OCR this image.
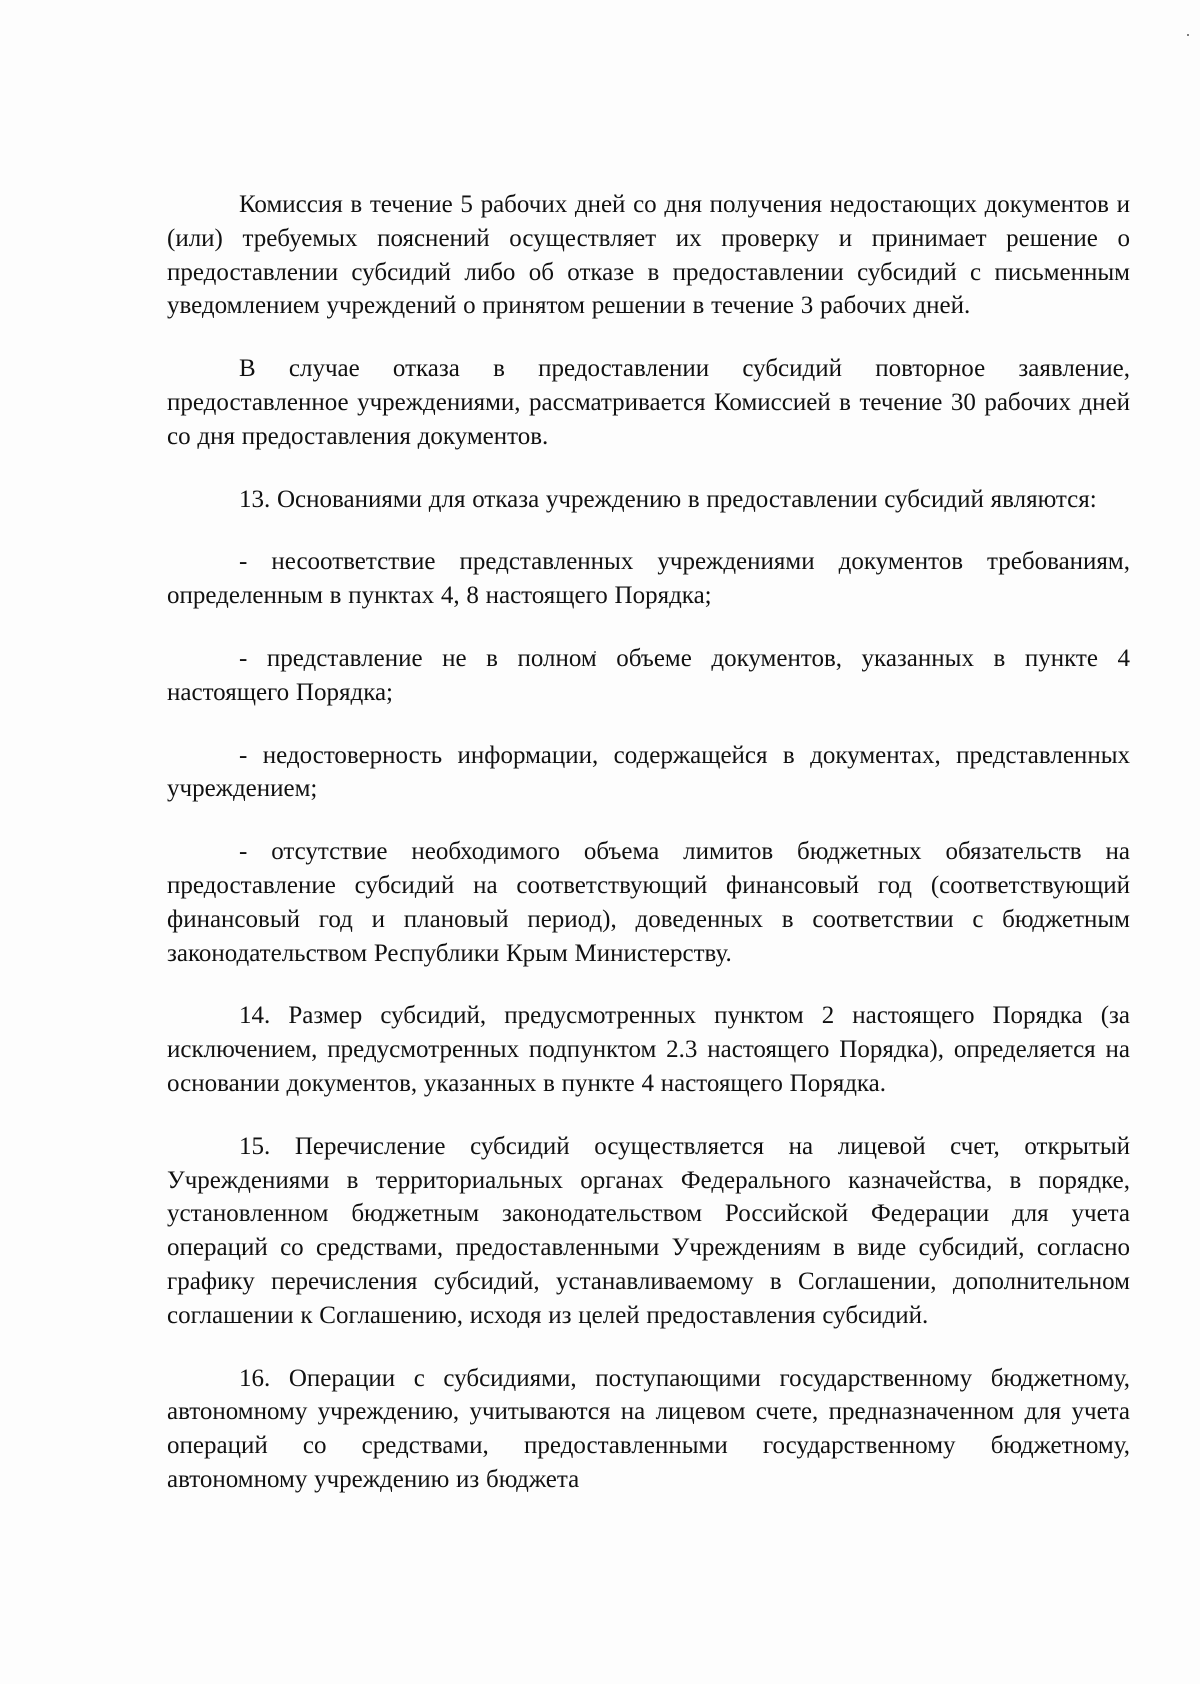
Комиссия в течение 5 рабочих дней со дня получения недостающих документов и (или) требуемых пояснений осуществляет их проверку и принимает решение о предоставлении субсидий либо об отказе в предоставлении субсидий с письменным уведомлением учреждений о принятом решении в течение 3 рабочих дней.

В случае отказа в предоставлении субсидий повторное заявление, предоставленное учреждениями, рассматривается Комиссией в течение 30 рабочих дней со дня предоставления документов.

13. Основаниями для отказа учреждению в предоставлении субсидий являются:

- несоответствие представленных учреждениями документов требованиям, определенным в пунктах 4, 8 настоящего Порядка;

- представление не в полном объеме документов, указанных в пункте 4 настоящего Порядка;

- недостоверность информации, содержащейся в документах, представленных учреждением;

- отсутствие необходимого объема лимитов бюджетных обязательств на предоставление субсидий на соответствующий финансовый год (соответствующий финансовый год и плановый период), доведенных в соответствии с бюджетным законодательством Республики Крым Министерству.

14. Размер субсидий, предусмотренных пунктом 2 настоящего Порядка (за исключением, предусмотренных подпунктом 2.3 настоящего Порядка), определяется на основании документов, указанных в пункте 4 настоящего Порядка.

15. Перечисление субсидий осуществляется на лицевой счет, открытый Учреждениями в территориальных органах Федерального казначейства, в порядке, установленном бюджетным законодательством Российской Федерации для учета операций со средствами, предоставленными Учреждениям в виде субсидий, согласно графику перечисления субсидий, устанавливаемому в Соглашении, дополнительном соглашении к Соглашению, исходя из целей предоставления субсидий.

16. Операции с субсидиями, поступающими государственному бюджетному, автономному учреждению, учитываются на лицевом счете, предназначенном для учета операций со средствами, предоставленными государственному бюджетному, автономному учреждению из бюджета
